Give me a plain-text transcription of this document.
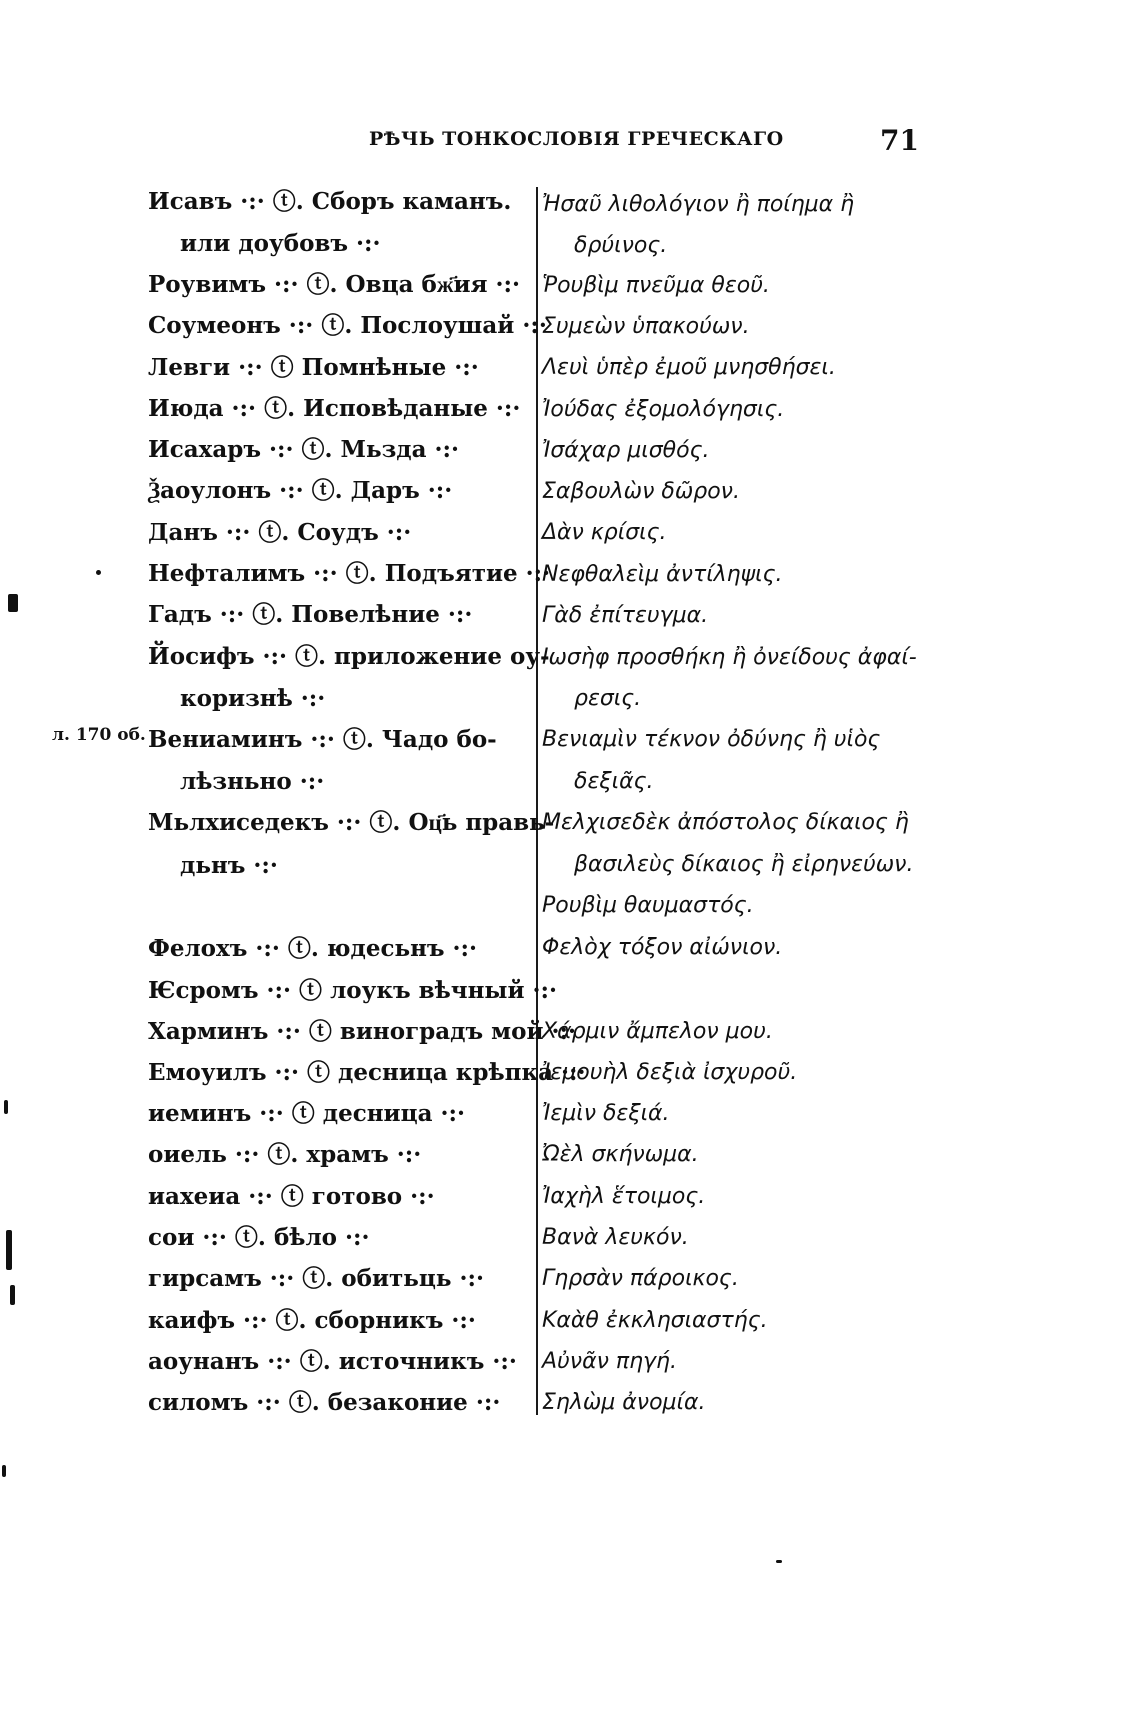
РѢЧЬ ТОНКОСЛОВІЯ ГРЕЧЕСКАГО	71
л. 170 об.
Исавъ ·:· ⓣ. Сборъ каманъ.
или доубовъ ·:·
Роувимъ ·:· ⓣ. Овца бж҃ия ·:·
Соумеонъ ·:· ⓣ. Послоушай ·:·
Левги ·:· ⓣ Помнѣные ·:·
Июда ·:· ⓣ. Исповѣданые ·:·
Исахаръ ·:· ⓣ. Мьзда ·:·
Ѯаоулонъ ·:· ⓣ. Даръ ·:·
Данъ ·:· ⓣ. Соудъ ·:·
Нефталимъ ·:· ⓣ. Подъятие ·:·
Гадъ ·:· ⓣ. Повелѣние ·:·
Йосифъ ·:· ⓣ. приложение оу-
коризнѣ ·:·
Вениаминъ ·:· ⓣ. Чадо бо-
лѣзньно ·:·
Мьлхиседекъ ·:· ⓣ. Оц҃ь правь-
дьнъ ·:·
Фелохъ ·:· ⓣ. юдесьнъ ·:·
Ѥсромъ ·:· ⓣ лоукъ вѣчный ·:·
Харминъ ·:· ⓣ виноградъ мой ·:·
Емоуилъ ·:· ⓣ десница крѣпка ·:·
иеминъ ·:· ⓣ десница ·:·
оиель ·:· ⓣ. храмъ ·:·
иахеиа ·:· ⓣ готово ·:·
сои ·:· ⓣ. бѣло ·:·
гирсамъ ·:· ⓣ. обитьць ·:·
каифъ ·:· ⓣ. сборникъ ·:·
аоунанъ ·:· ⓣ. источникъ ·:·
силомъ ·:· ⓣ. безаконие ·:·
Ἠσαῦ λιθολόγιον ἢ ποίημα ἢ
δρύινος.
Ῥουβὶμ πνεῦμα θεοῦ.
Συμεὼν ὑπακούων.
Λευὶ ὑπὲρ ἐμοῦ μνησθήσει.
Ἰούδας ἐξομολόγησις.
Ἰσάχαρ μισθός.
Σαβουλὼν δῶρον.
Δὰν κρίσις.
Νεφθαλεὶμ ἀντίληψις.
Γὰδ ἐπίτευγμα.
Ιωσὴφ προσθήκη ἢ ὀνείδους ἀφαί-
ρεσις.
Βενιαμὶν τέκνον ὀδύνης ἢ υἱὸς
δεξιᾶς.
Μελχισεδὲκ ἀπόστολος δίκαιος ἢ
βασιλεὺς δίκαιος ἢ εἰρηνεύων.
Ρουβὶμ θαυμαστός.
Φελὸχ τόξον αἰώνιον.
Χάρμιν ἄμπελον μου.
Ἰεμουὴλ δεξιὰ ἰσχυροῦ.
Ἰεμὶν δεξιά.
Ὠὲλ σκήνωμα.
Ἰαχὴλ ἕτοιμος.
Βανὰ λευκόν.
Γηρσὰν πάροικος.
Καὰθ ἐκκλησιαστής.
Αὐνᾶν πηγή.
Σηλὼμ ἀνομία.
